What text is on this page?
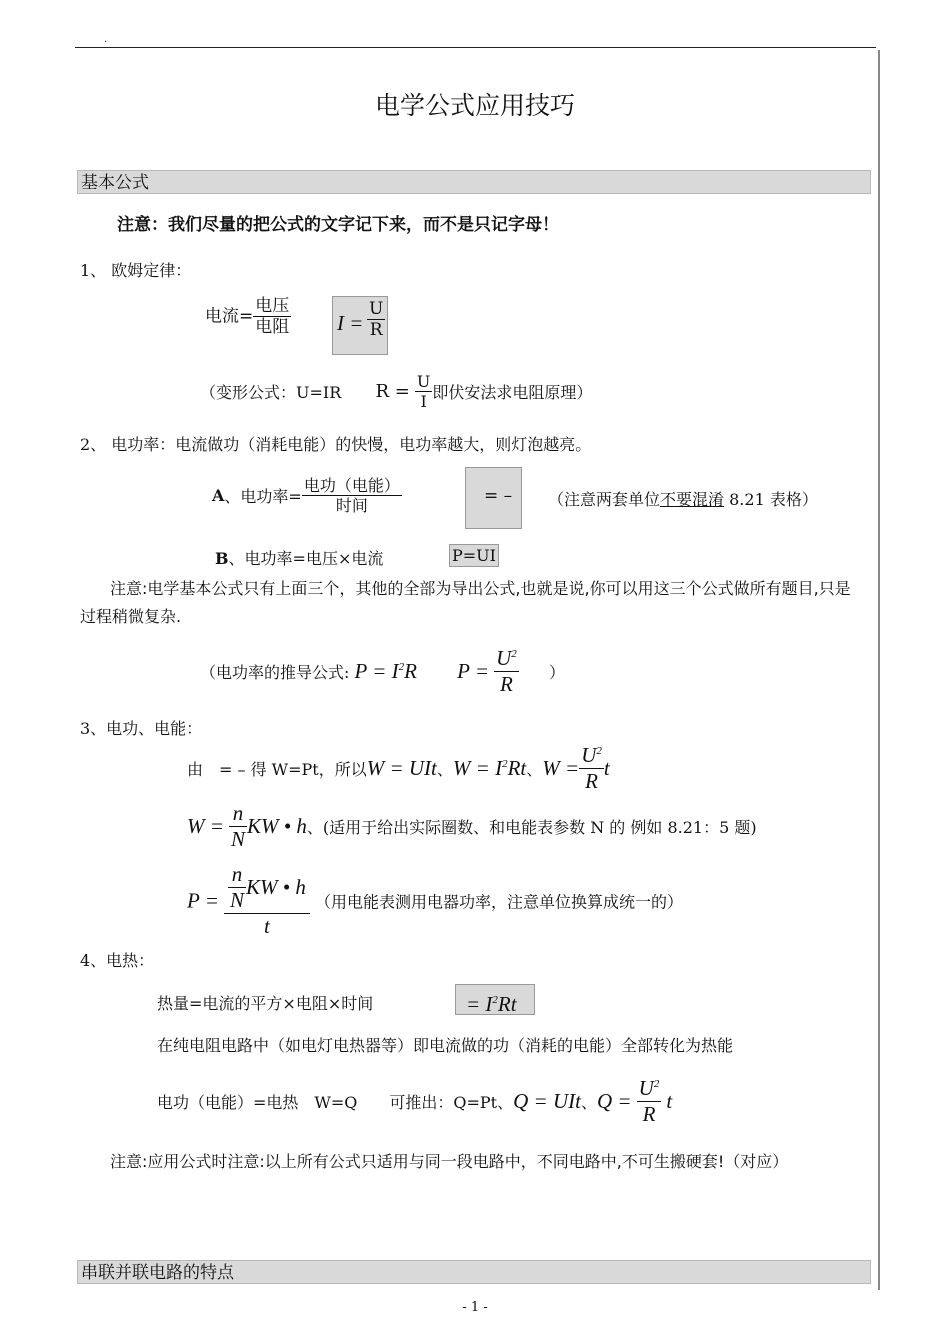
.
电学公式应用技巧
基本公式
注意：我们尽量的把公式的文字记下来，而不是只记字母！
1、 欧姆定律：
电流= $\frac{\text{电压}}{\text{电阻}}$ $I = \frac{U}{R}$
（变形公式：U=IR $R = \frac{U}{I}$ 即伏安法求电阻原理）
2、 电功率：电流做功（消耗电能）的快慢，电功率越大，则灯泡越亮。
A、电功率= $\frac{\text{电功（电能）}}{\text{时间}}$	= – （注意两套单位不要混淆 8.21 表格）
B、电功率=电压×电流	P=UI
注意:电学基本公式只有上面三个，其他的全部为导出公式,也就是说,你可以用这三个公式做所有题目,只是
过程稍微复杂.
（电功率的推导公式: $P = I^2R$ $P = \frac{U^2}{R}$ ）
3、电功、电能：
由　= – 得 W=Pt，所以W = UIt、$W = I^2Rt$、$W = \frac{U^2}{R}$ t
$W = \frac{n}{N}$ KW • h、(适用于给出实际圈数、和电能表参数 N 的 例如 8.21：5 题)
$P = \frac{\frac{n}{N} KW • h}{t}$ （用电能表测用电器功率，注意单位换算成统一的）
4、电热：
热量=电流的平方×电阻×时间	= $I^2Rt$
在纯电阻电路中（如电灯电热器等）即电流做的功（消耗的电能）全部转化为热能
电功（电能）=电热　W=Q　　可推出：Q=Pt、Q = UIt、$Q = \frac{U^2}{R}$ t
注意:应用公式时注意:以上所有公式只适用与同一段电路中，不同电路中,不可生搬硬套!（对应）
串联并联电路的特点
- 1 -
